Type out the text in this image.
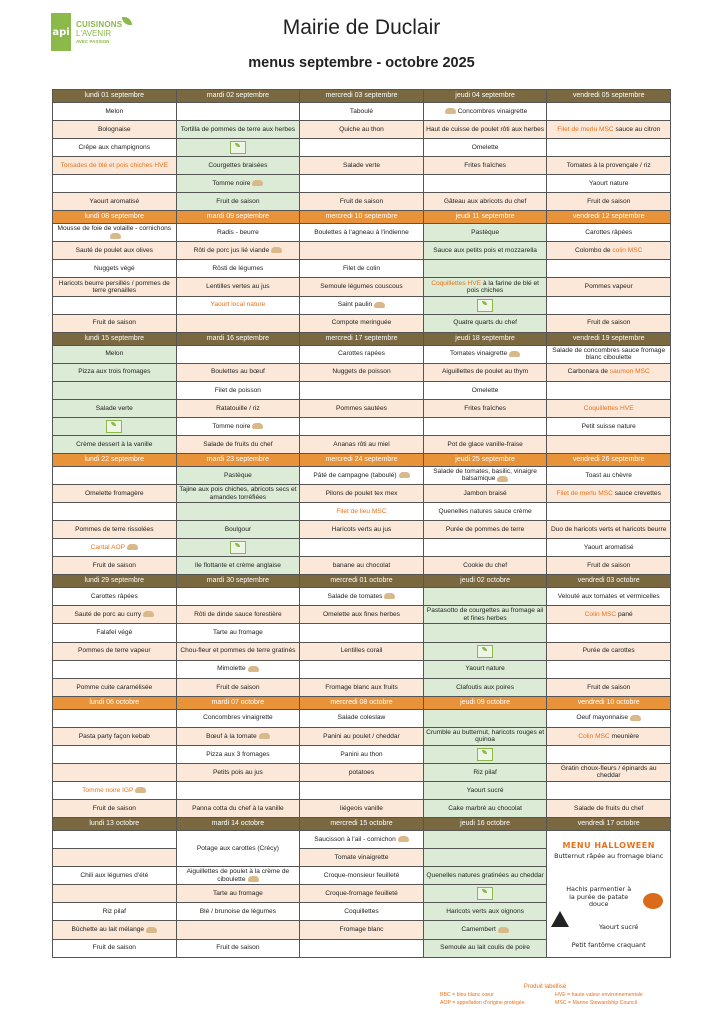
api
CUISINONS
L'AVENIR
AVEC PASSION
Mairie de Duclair
menus septembre - octobre 2025
lundi 01 septembre	mardi 02 septembre	mercredi 03 septembre	jeudi 04 septembre	vendredi 05 septembre
Melon		Taboulé	Concombres vinaigrette	
Bolognaise	Tortilla de pommes de terre aux herbes	Quiche au thon	Haut de cuisse de poulet rôti aux herbes	Filet de merlu MSC sauce au citron
Crêpe aux champignons			Omelette	
Torsades de blé et pois chiches HVE	Courgettes braisées	Salade verte	Frites fraîches	Tomates à la provençale / riz
	Tomme noire			Yaourt nature
Yaourt aromatisé	Fruit de saison	Fruit de saison	Gâteau aux abricots du chef	Fruit de saison
lundi 08 septembre	mardi 09 septembre	mercredi 10 septembre	jeudi 11 septembre	vendredi 12 septembre
Mousse de foie de volaille - cornichons	Radis - beurre	Boulettes à l'agneau à l'indienne	Pastèque	Carottes râpées
Sauté de poulet aux olives	Rôti de porc jus lié viande		Sauce aux petits pois et mozzarella	Colombo de colin MSC
Nuggets végé	Rösti de légumes	Filet de colin		
Haricots beurre persillés / pommes de terre grenailles	Lentilles vertes au jus	Semoule légumes couscous	Coquillettes HVE à la farine de blé et pois chiches	Pommes vapeur
	Yaourt local nature	Saint paulin		
Fruit de saison		Compote meringuée	Quatre quarts du chef	Fruit de saison
lundi 15 septembre	mardi 16 septembre	mercredi 17 septembre	jeudi 18 septembre	vendredi 19 septembre
Melon		Carottes rapées	Tomates vinaigrette	Salade de concombres sauce fromage blanc ciboulette
Pizza aux trois fromages	Boulettes au bœuf	Nuggets de poisson	Aiguillettes de poulet au thym	Carbonara de saumon MSC
	Filet de poisson		Omelette	
Salade verte	Ratatouille / riz	Pommes sautées	Frites fraîches	Coquillettes HVE
	Tomme noire			Petit suisse nature
Crème dessert à la vanille	Salade de fruits du chef	Ananas rôti au miel	Pot de glace vanille-fraise	
lundi 22 septembre	mardi 23 septembre	mercredi 24 septembre	jeudi 25 septembre	vendredi 26 septembre
	Pastèque	Pâté de campagne (taboulé)	Salade de tomates, basilic, vinaigre balsamique	Toast au chèvre
Omelette fromagère	Tajine aux pois chiches, abricots secs et amandes torréfiées	Pilons de poulet tex mex	Jambon braisé	Filet de merlu MSC sauce crevettes
		Filet de lieu MSC	Quenelles natures sauce crème	
Pommes de terre rissolées	Boulgour	Haricots verts au jus	Purée de pommes de terre	Duo de haricots verts et haricots beurre
Cantal AOP				Yaourt aromatisé
Fruit de saison	Ile flottante et crème anglaise	banane au chocolat	Cookie du chef	Fruit de saison
lundi 29 septembre	mardi 30 septembre	mercredi 01 octobre	jeudi 02 octobre	vendredi 03 octobre
Carottes râpées		Salade de tomates		Velouté aux tomates et vermicelles
Sauté de porc au curry	Rôti de dinde sauce forestière	Omelette aux fines herbes	Pastasotto de courgettes au fromage ail et fines herbes	Colin MSC pané
Falafel végé	Tarte au fromage			
Pommes de terre vapeur	Chou-fleur et pommes de terre gratinés	Lentilles corail		Purée de carottes
	Mimolette		Yaourt nature	
Pomme cuite caramélisée	Fruit de saison	Fromage blanc aux fruits	Clafoutis aux poires	Fruit de saison
lundi 06 octobre	mardi 07 octobre	mercredi 08 octobre	jeudi 09 octobre	vendredi 10 octobre
	Concombres vinaigrette	Salade coleslaw		Oeuf mayonnaise
Pasta party façon kebab	Bœuf à la tomate	Panini au poulet / cheddar	Crumble au butternut, haricots rouges et quinoa	Colin MSC meunière
	Pizza aux 3 fromages	Panini au thon		
	Petits pois au jus	potatoes	Riz pilaf	Gratin choux-fleurs / épinards au cheddar
Tomme noire IGP			Yaourt sucré	
Fruit de saison	Panna cotta du chef à la vanille	liégeois vanille	Cake marbré au chocolat	Salade de fruits du chef
lundi 13 octobre	mardi 14 octobre	mercredi 15 octobre	jeudi 16 octobre	vendredi 17 octobre
	Potage aux carottes (Crécy)	Saucisson à l'ail - cornichon		MENU HALLOWEEN
Butternut râpée au fromage blanc
Hachis parmentier à la purée de patate douce
Yaourt sucré
Petit fantôme craquant

		Tomate vinaigrette		
Chili aux légumes d'été	Aiguillettes de poulet à la crème de ciboulette	Croque-monsieur feuilleté	Quenelles natures gratinées au cheddar	
	Tarte au fromage	Croque-fromage feuilleté		
Riz pilaf	Blé / brunoise de légumes	Coquillettes	Haricots verts aux oignons	
Bûchette au lait mélange		Fromage blanc	Camembert	
Fruit de saison	Fruit de saison		Semoule au lait coulis de poire	
Produit labellisé
BBC = bleu blanc cœur	HVE = haute valeur environnementale
AOP = appellation d'origine protégée	MSC = Marine Stewardship Council
